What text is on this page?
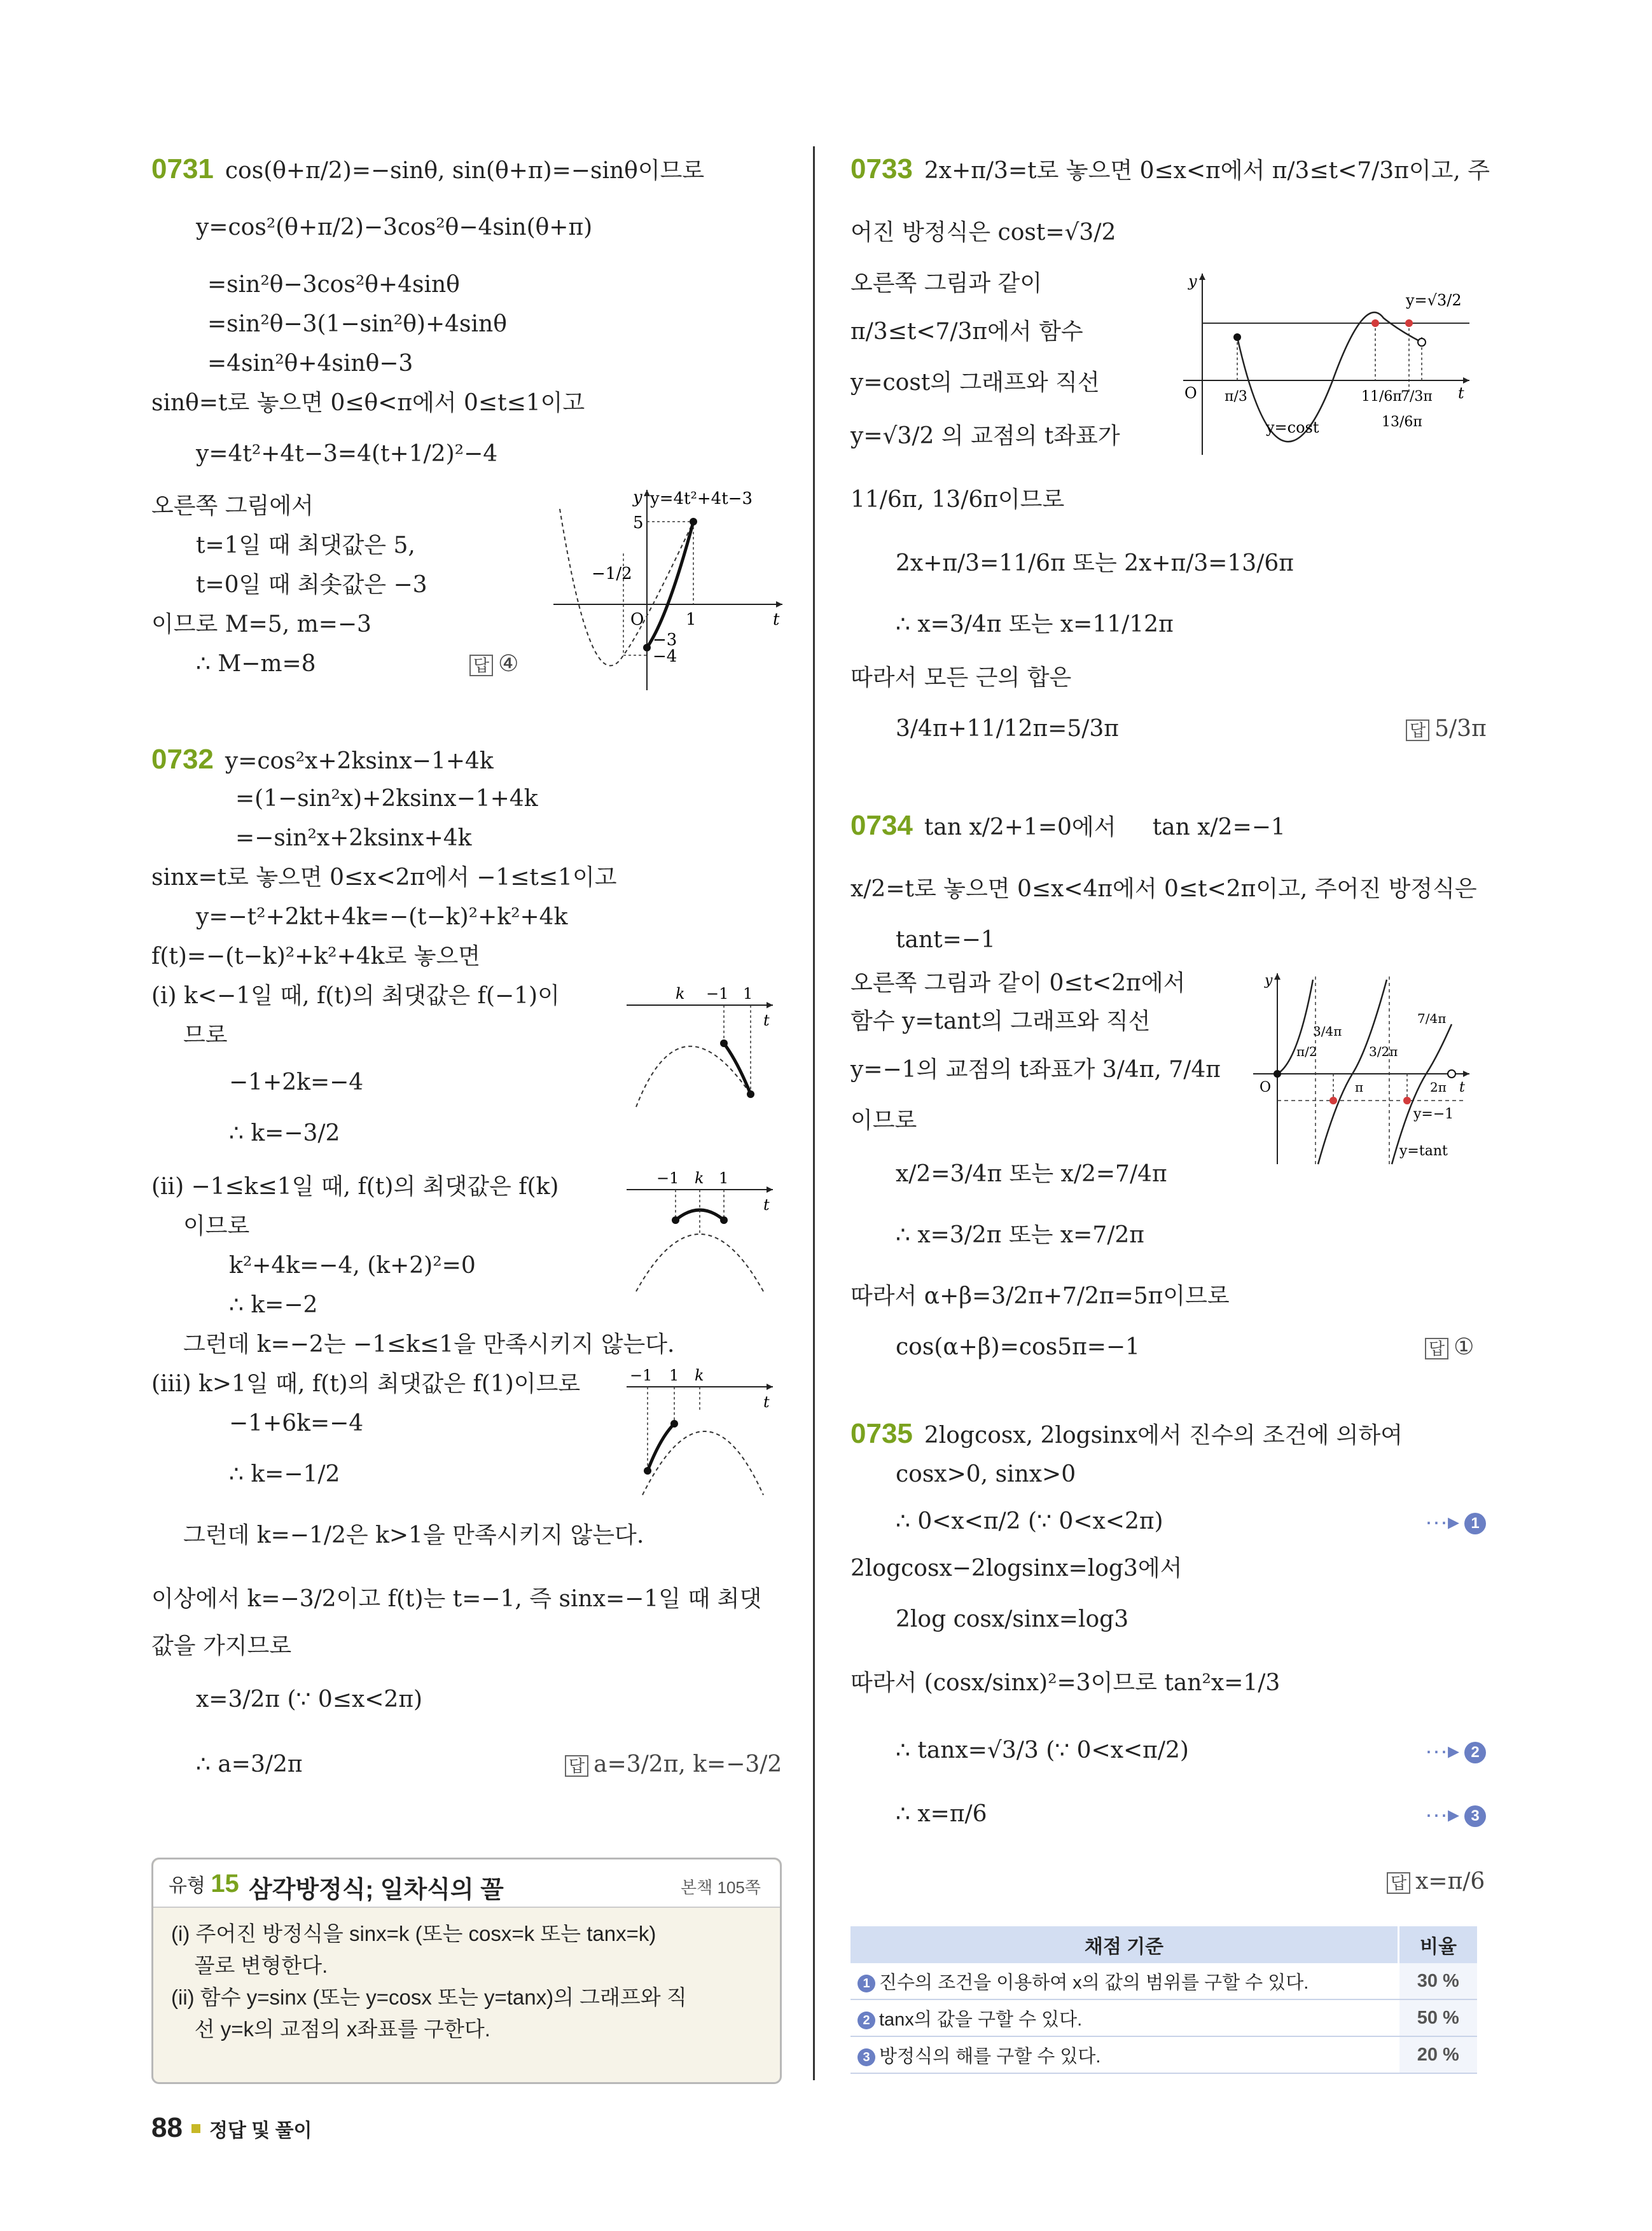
0731 cos(θ+π/2)=−sinθ, sin(θ+π)=−sinθ이므로
y=cos²(θ+π/2)−3cos²θ−4sin(θ+π)
=sin²θ−3cos²θ+4sinθ
=sin²θ−3(1−sin²θ)+4sinθ
=4sin²θ+4sinθ−3
sinθ=t로 놓으면 0≤θ<π에서 0≤t≤1이고
y=4t²+4t−3=4(t+1/2)²−4
오른쪽 그림에서
t=1일 때 최댓값은 5,
t=0일 때 최솟값은 −3
이므로 M=5, m=−3
∴ M−m=8	답 ④
y=4t²+4t−3
y
5
−1/2
O	1	t
−3
−4
0732 y=cos²x+2ksinx−1+4k
=(1−sin²x)+2ksinx−1+4k
=−sin²x+2ksinx+4k
sinx=t로 놓으면 0≤x<2π에서 −1≤t≤1이고
y=−t²+2kt+4k=−(t−k)²+k²+4k
f(t)=−(t−k)²+k²+4k로 놓으면
(i) k<−1일 때, f(t)의 최댓값은 f(−1)이
므로
−1+2k=−4
∴ k=−3/2
(ii) −1≤k≤1일 때, f(t)의 최댓값은 f(k)
이므로
k²+4k=−4, (k+2)²=0
∴ k=−2
그런데 k=−2는 −1≤k≤1을 만족시키지 않는다.
(iii) k>1일 때, f(t)의 최댓값은 f(1)이므로
−1+6k=−4
∴ k=−1/2
그런데 k=−1/2은 k>1을 만족시키지 않는다.
이상에서 k=−3/2이고 f(t)는 t=−1, 즉 sinx=−1일 때 최댓
값을 가지므로
x=3/2π (∵ 0≤x<2π)
∴ a=3/2π	답 a=3/2π, k=−3/2
k −1 1
t
−1 k 1
t
−1 1 k
t
유형 15 삼각방정식; 일차식의 꼴	본책 105쪽
(i) 주어진 방정식을 sinx=k (또는 cosx=k 또는 tanx=k)
꼴로 변형한다.
(ii) 함수 y=sinx (또는 y=cosx 또는 y=tanx)의 그래프와 직
선 y=k의 교점의 x좌표를 구한다.
0733 2x+π/3=t로 놓으면 0≤x<π에서 π/3≤t<7/3π이고, 주
어진 방정식은 cost=√3/2
오른쪽 그림과 같이
π/3≤t<7/3π에서 함수
y=cost의 그래프와 직선
y=√3/2 의 교점의 t좌표가
11/6π, 13/6π이므로
2x+π/3=11/6π 또는 2x+π/3=13/6π
∴ x=3/4π 또는 x=11/12π
따라서 모든 근의 합은
3/4π+11/12π=5/3π	답 5/3π
y
y=√3/2
O π/3	11/6π
7/3π t
y=cost	13/6π
0734 tan x/2+1=0에서     tan x/2=−1
x/2=t로 놓으면 0≤x<4π에서 0≤t<2π이고, 주어진 방정식은
tant=−1
오른쪽 그림과 같이 0≤t<2π에서
함수 y=tant의 그래프와 직선
y=−1의 교점의 t좌표가 3/4π, 7/4π
이므로
x/2=3/4π 또는 x/2=7/4π
∴ x=3/2π 또는 x=7/2π
따라서 α+β=3/2π+7/2π=5π이므로
cos(α+β)=cos5π=−1	답 ①
y
O
π/2
3/4π
π
3/2π
7/4π
2π t
y=−1
y=tant
0735 2logcosx, 2logsinx에서 진수의 조건에 의하여
cosx>0, sinx>0
∴ 0<x<π/2 (∵ 0<x<2π)	···▸ 1
2logcosx−2logsinx=log3에서
2log cosx/sinx=log3
따라서 (cosx/sinx)²=3이므로 tan²x=1/3
∴ tanx=√3/3 (∵ 0<x<π/2)	···▸ 2
∴ x=π/6	···▸ 3
답 x=π/6
채점 기준	비율
1 진수의 조건을 이용하여 x의 값의 범위를 구할 수 있다.	30 %
2 tanx의 값을 구할 수 있다.	50 %
3 방정식의 해를 구할 수 있다.	20 %
88 정답 및 풀이
